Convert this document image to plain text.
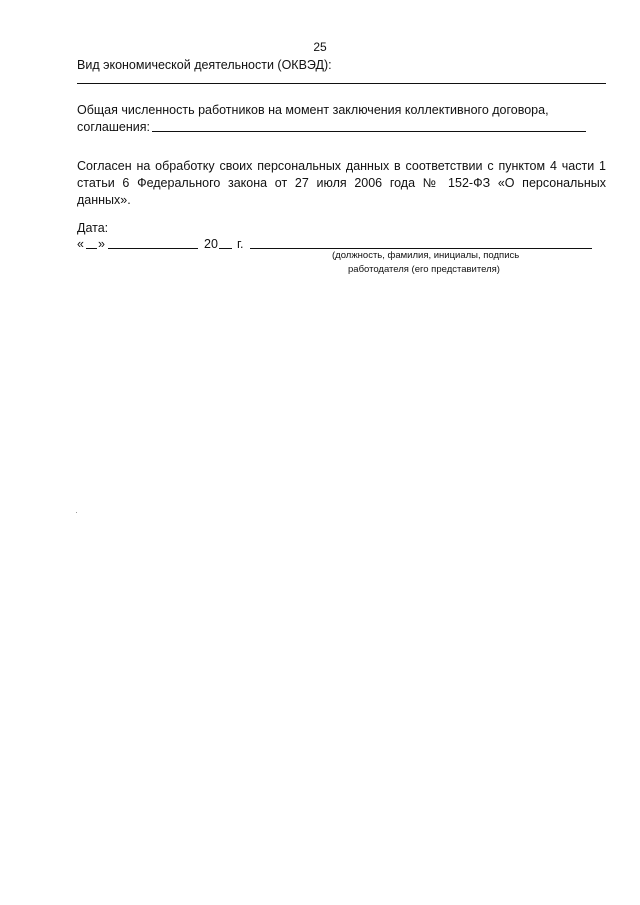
25
Вид экономической деятельности (ОКВЭД):
Общая численность работников на момент заключения коллективного договора,
соглашения:
Согласен на обработку своих персональных данных в соответствии с пунктом 4 части 1
статьи 6 Федерального закона от 27 июля 2006 года № 152-ФЗ «О персональных
данных».
Дата:
« »	20 г.
(должность, фамилия, инициалы, подпись
работодателя (его представителя)
